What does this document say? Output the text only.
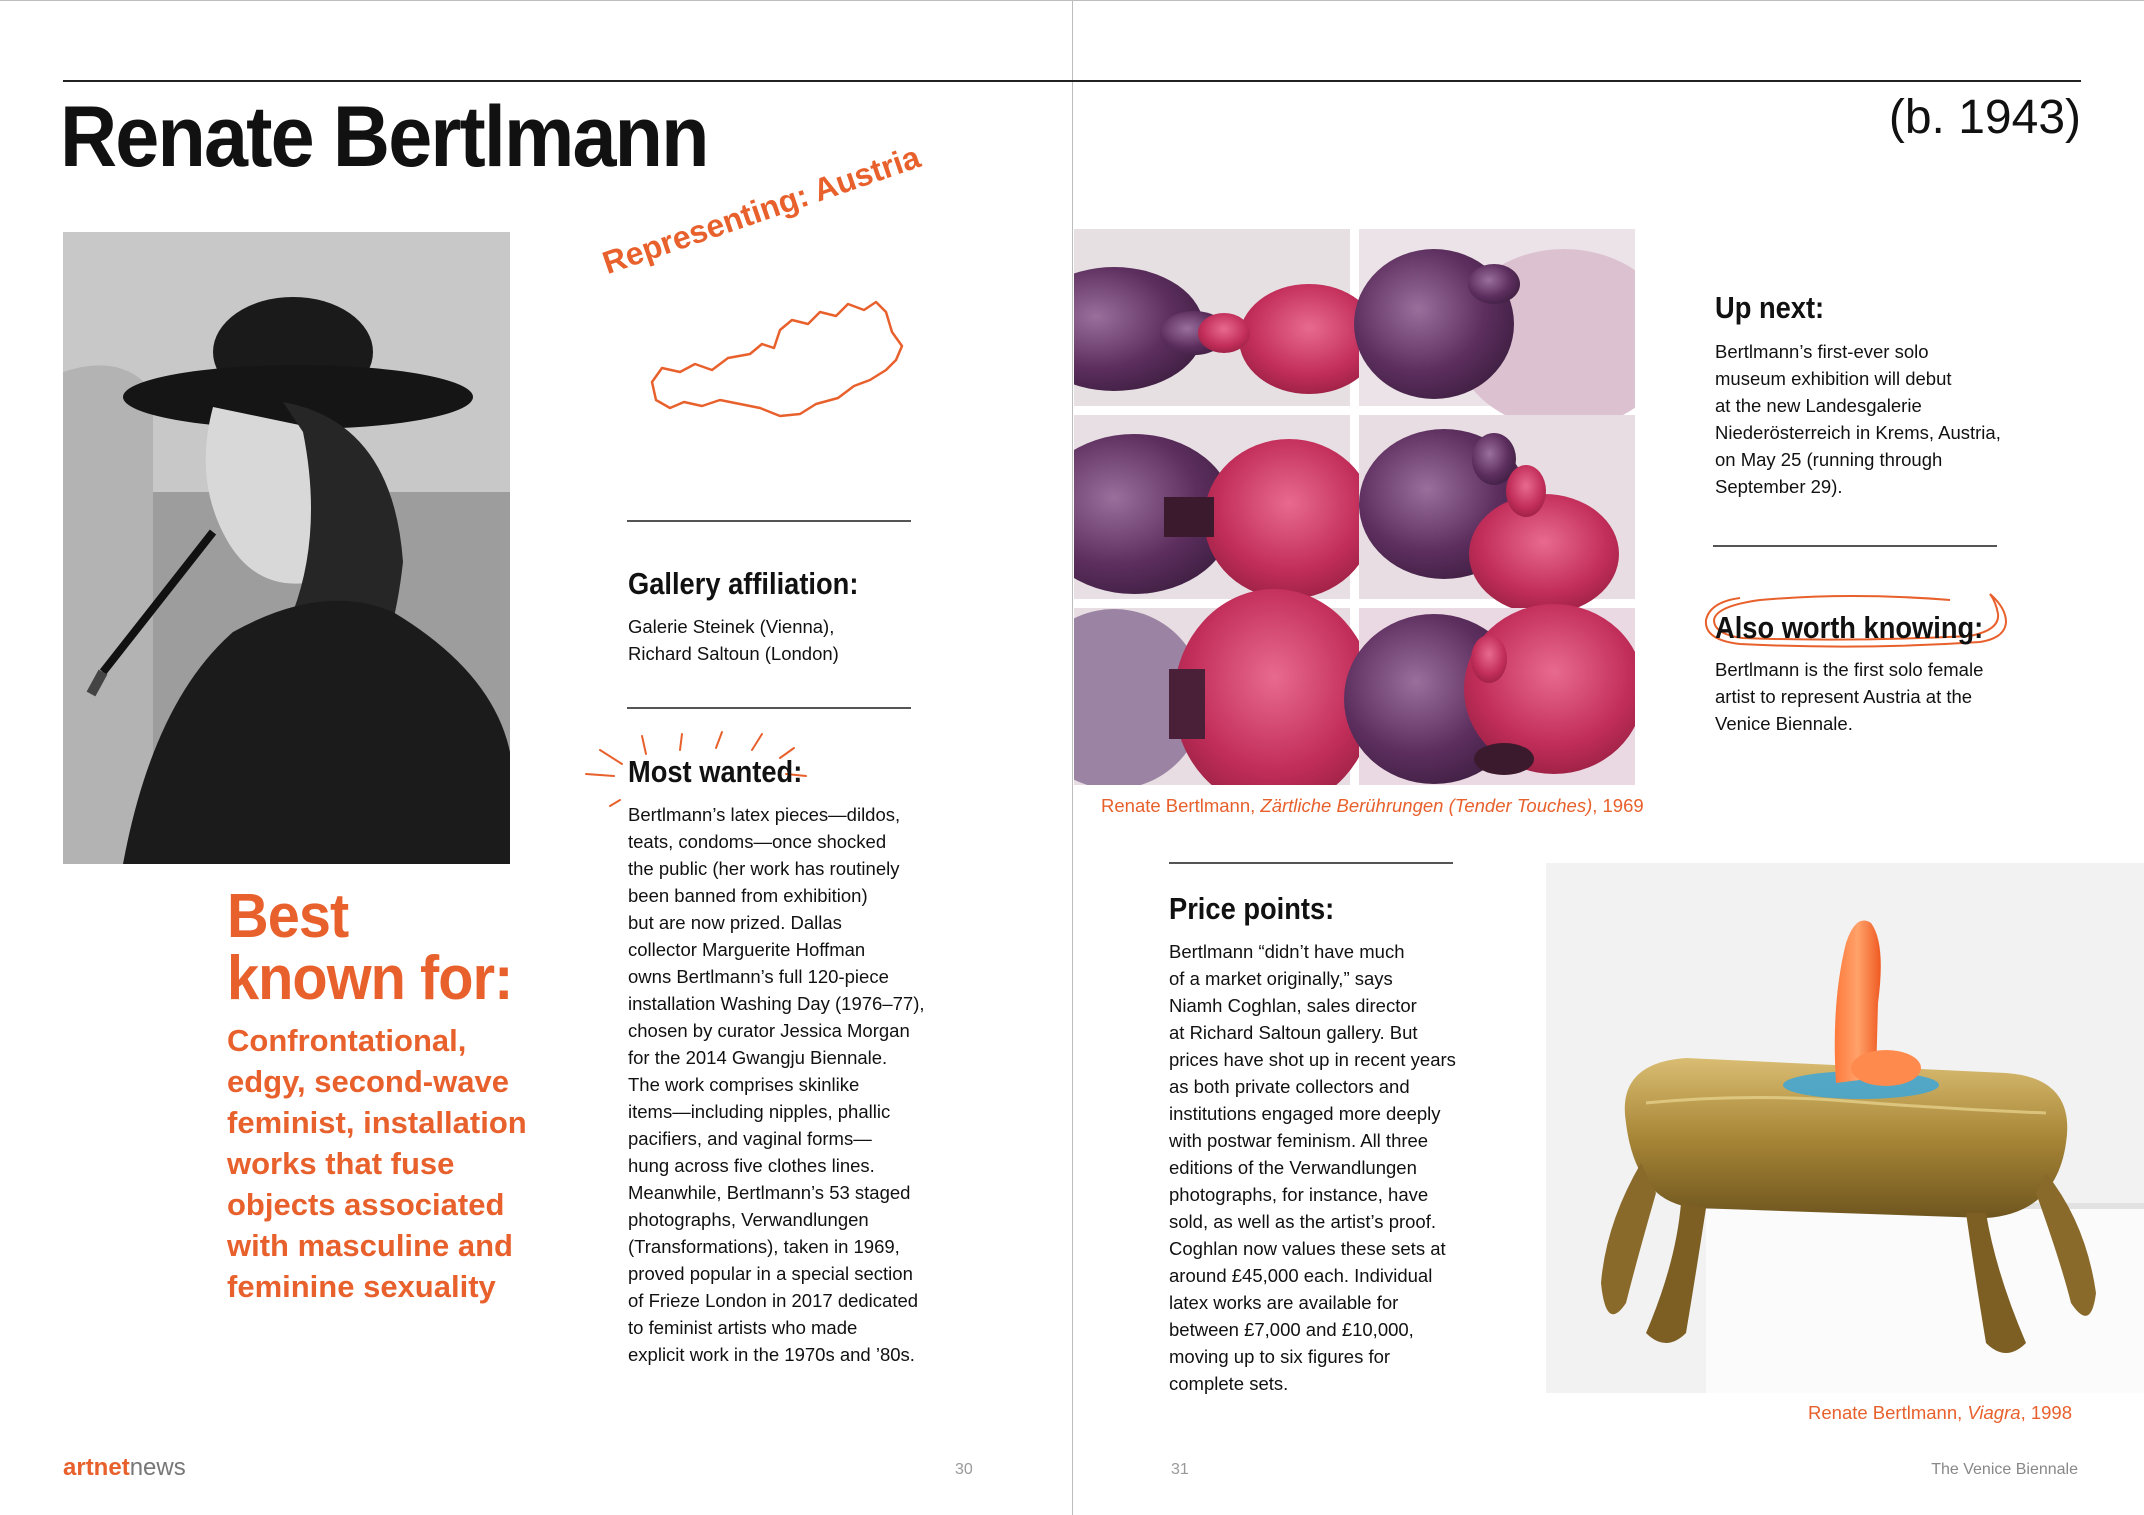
Renate Bertlmann	(b. 1943)
Best
known for:
Confrontational, edgy, second-wave feminist, installation works that fuse objects associated with masculine and feminine sexuality
Representing: Austria
Gallery affiliation:
Galerie Steinek (Vienna),
Richard Saltoun (London)
Most wanted:
Bertlmann’s latex pieces—dildos,
teats, condoms—once shocked
the public (her work has routinely
been banned from exhibition)
but are now prized. Dallas
collector Marguerite Hoffman
owns Bertlmann’s full 120-piece
installation Washing Day (1976–77),
chosen by curator Jessica Morgan
for the 2014 Gwangju Biennale.
The work comprises skinlike
items—including nipples, phallic
pacifiers, and vaginal forms—
hung across five clothes lines.
Meanwhile, Bertlmann’s 53 staged
photographs, Verwandlungen
(Transformations), taken in 1969,
proved popular in a special section
of Frieze London in 2017 dedicated
to feminist artists who made
explicit work in the 1970s and ’80s.
Renate Bertlmann, Zärtliche Berührungen (Tender Touches), 1969
Up next:
Bertlmann’s first-ever solo
museum exhibition will debut
at the new Landesgalerie
Niederösterreich in Krems, Austria,
on May 25 (running through
September 29).
Also worth knowing:
Bertlmann is the first solo female
artist to represent Austria at the
Venice Biennale.
Price points:
Bertlmann “didn’t have much
of a market originally,” says
Niamh Coghlan, sales director
at Richard Saltoun gallery. But
prices have shot up in recent years
as both private collectors and
institutions engaged more deeply
with postwar feminism. All three
editions of the Verwandlungen
photographs, for instance, have
sold, as well as the artist’s proof.
Coghlan now values these sets at
around £45,000 each. Individual
latex works are available for
between £7,000 and £10,000,
moving up to six figures for
complete sets.
Renate Bertlmann, Viagra, 1998
artnetnews	30	31	The Venice Biennale
